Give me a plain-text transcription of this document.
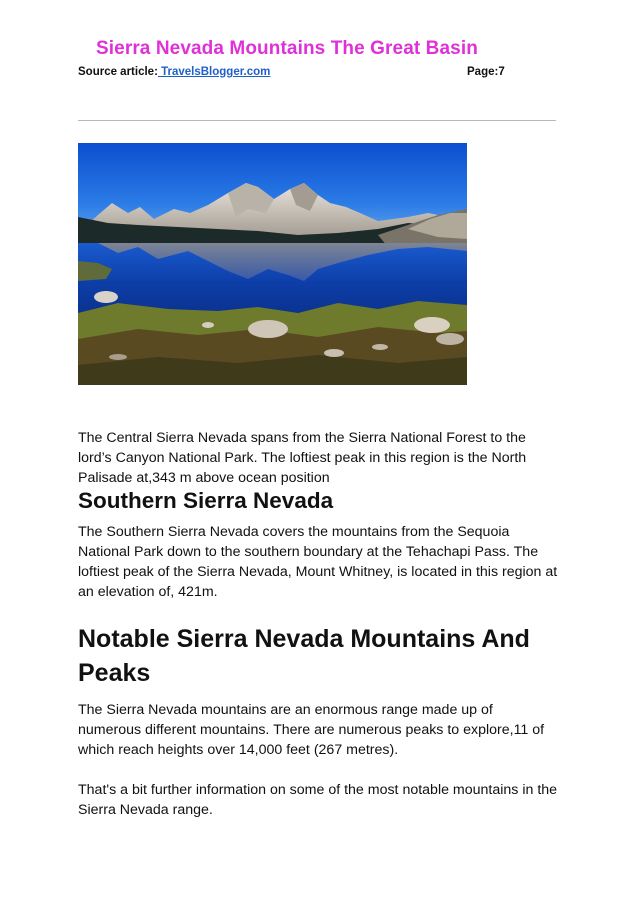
Sierra Nevada Mountains The Great Basin
Source article: TravelsBlogger.com	Page:7

The Central Sierra Nevada spans from the Sierra National Forest to the lord’s Canyon National Park. The loftiest peak in this region is the North Palisade at,343 m above ocean position

Southern Sierra Nevada

The Southern Sierra Nevada covers the mountains from the Sequoia National Park down to the southern boundary at the Tehachapi Pass. The loftiest peak of the Sierra Nevada, Mount Whitney, is located in this region at an elevation of, 421m.

Notable Sierra Nevada Mountains And Peaks

The Sierra Nevada mountains are an enormous range made up of numerous different mountains. There are numerous peaks to explore,11 of which reach heights over 14,000 feet (267 metres).

That's a bit further information on some of the most notable mountains in the Sierra Nevada range.
